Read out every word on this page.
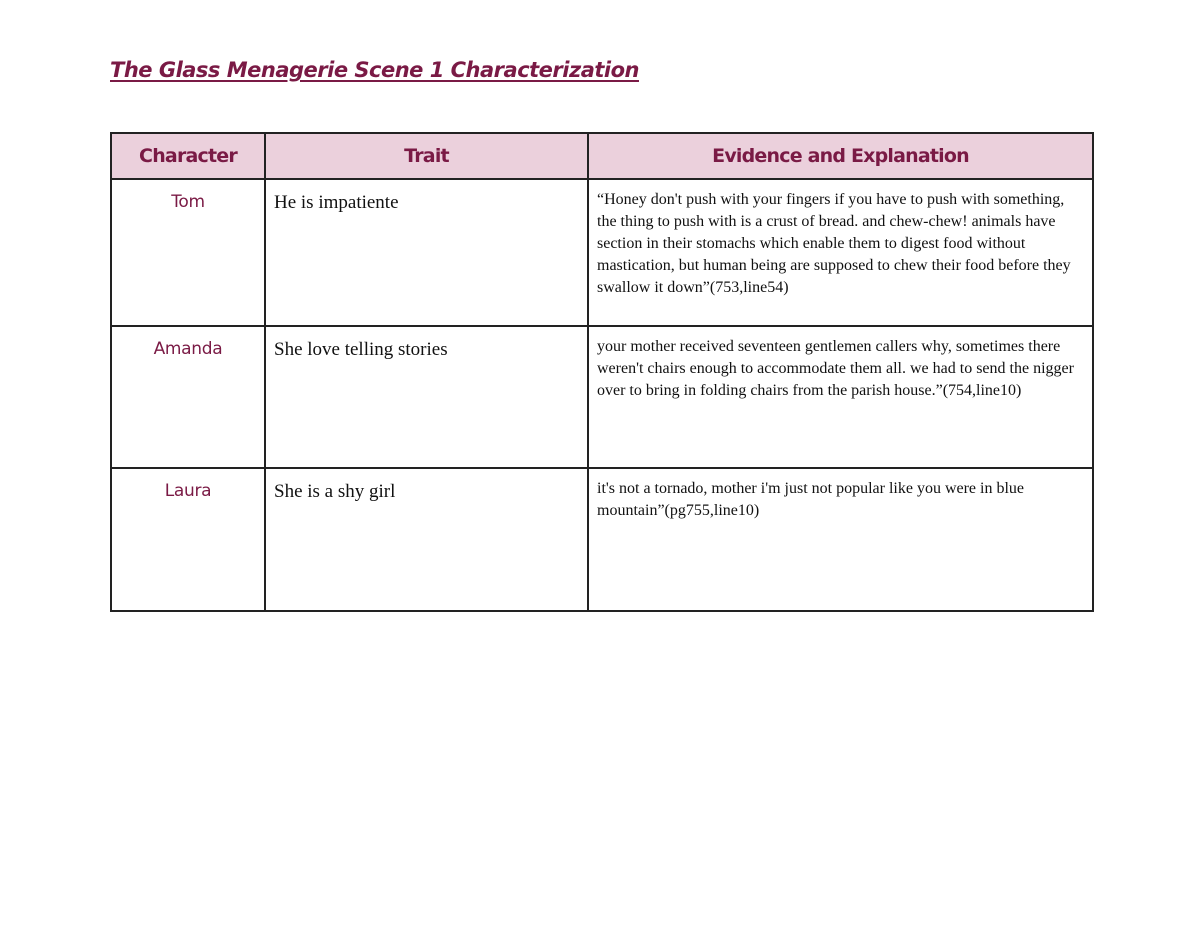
The Glass Menagerie Scene 1 Characterization
Character	Trait	Evidence and Explanation
Tom	He is impatiente	“Honey don't push with your fingers if you have to push with something, the thing to push with is a crust of bread. and chew-chew! animals have section in their stomachs which enable them to digest food without mastication, but human being are supposed to chew their food before they swallow it down”(753,line54)
Amanda	She love telling stories	your mother received seventeen gentlemen callers why, sometimes there weren't chairs enough to accommodate them all. we had to send the nigger over to bring in folding chairs from the parish house.”(754,line10)
Laura	She is a shy girl	it's not a tornado, mother i'm just not popular like you were in blue mountain”(pg755,line10)
